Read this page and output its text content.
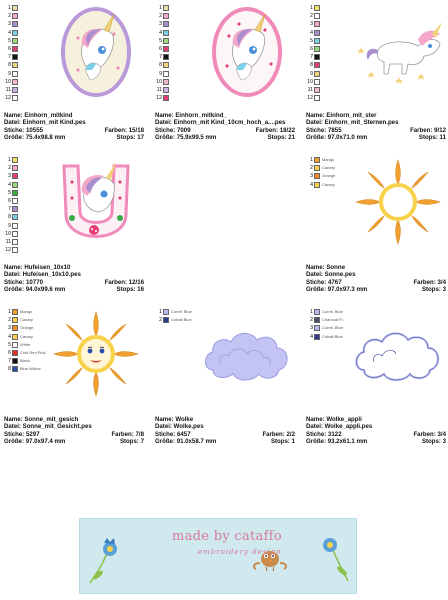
1
2
3
4
5
6
7
8
9
10
11
12
Name: Einhorn_mitkind
Datei: Einhorn_mit Kind.pes
Stiche: 10555	Farben: 15/18
Größe: 75.4x98.8 mm	Stops: 17
1
2
3
4
5
6
7
8
9
10
11
12
Name: Einhorn_mitkind_
Datei: Einhorn_mit Kind_10cm_hoch_a....pes
Stiche: 7009	Farben: 18/22
Größe: 75.9x99.5 mm	Stops: 21
1
2
3
4
5
6
7
8
9
10
11
12
Name: Einhorn_mit_ster
Datei: Einhorn_mit_Sternen.pes
Stiche: 7855	Farben: 9/12
Größe: 97.0x71.0 mm	Stops: 11
1
2
3
4
5
6
7
8
9
10
11
12
Name: Hufeisen_10x10
Datei: Hufeisen_10x10.pes
Stiche: 10770	Farben: 12/16
Größe: 94.0x99.6 mm	Stops: 16
1 Mango
2 Canary
3 Orange
4 Canary
Name: Sonne
Datei: Sonne.pes
Stiche: 4767	Farben: 3/4
Größe: 97.0x97.3 mm	Stops: 3
1 Mango
2 Canary
3 Orange
4 Canary
5 White
6 Cold Red Pink
7 Black
8 Blue Willow
Name: Sonne_mit_gesich
Datei: Sonne_mit_Gesicht.pes
Stiche: 5297	Farben: 7/8
Größe: 97.0x97.4 mm	Stops: 7
1 Cornfl. Blue
2 Cobalt Blue
Name: Wolke
Datei: Wolke.pes
Stiche: 6457	Farben: 2/2
Größe: 91.0x58.7 mm	Stops: 1
1 Cornfl. Blue
2 Charcoal Fl.
3 Cornfl. Blue
4 Cobalt Blue
Name: Wolke_appli
Datei: Wolke_appli.pes
Stiche: 3122	Farben: 3/4
Größe: 93.2x61.1 mm	Stops: 3
made by cataffo
embroidery design
